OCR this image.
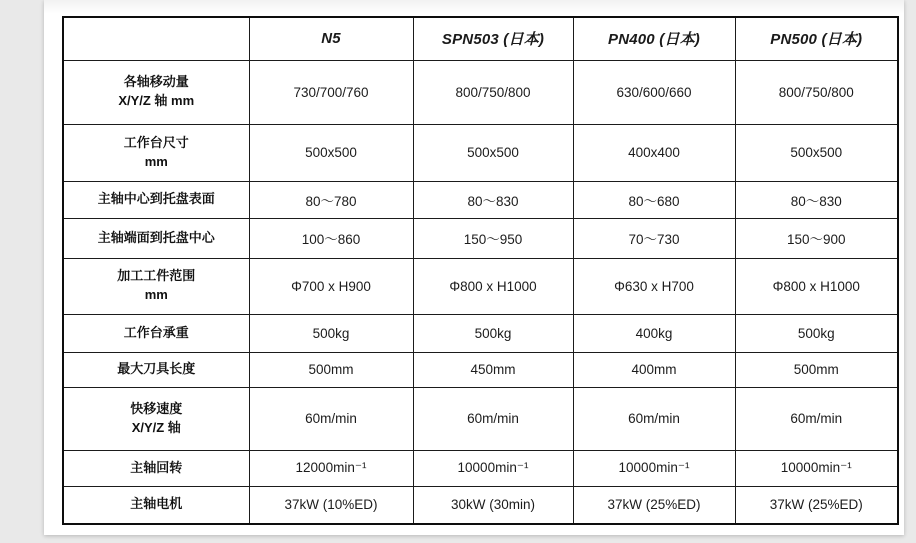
	N5	SPN503 (日本)	PN400 (日本)	PN500 (日本)

各轴移动量
X/Y/Z 轴 mm	730/700/760	800/750/800	630/600/660	800/750/800

工作台尺寸
mm	500x500	500x500	400x400	500x500

主轴中心到托盘表面	80～780	80～830	80～680	80～830

主轴端面到托盘中心	100～860	150～950	70～730	150～900

加工工件范围
mm	Φ700 x H900	Φ800 x H1000	Φ630 x H700	Φ800 x H1000

工作台承重	500kg	500kg	400kg	500kg

最大刀具长度	500mm	450mm	400mm	500mm

快移速度
X/Y/Z 轴	60m/min	60m/min	60m/min	60m/min

主轴回转	12000min⁻¹	10000min⁻¹	10000min⁻¹	10000min⁻¹

主轴电机	37kW (10%ED)	30kW (30min)	37kW (25%ED)	37kW (25%ED)
